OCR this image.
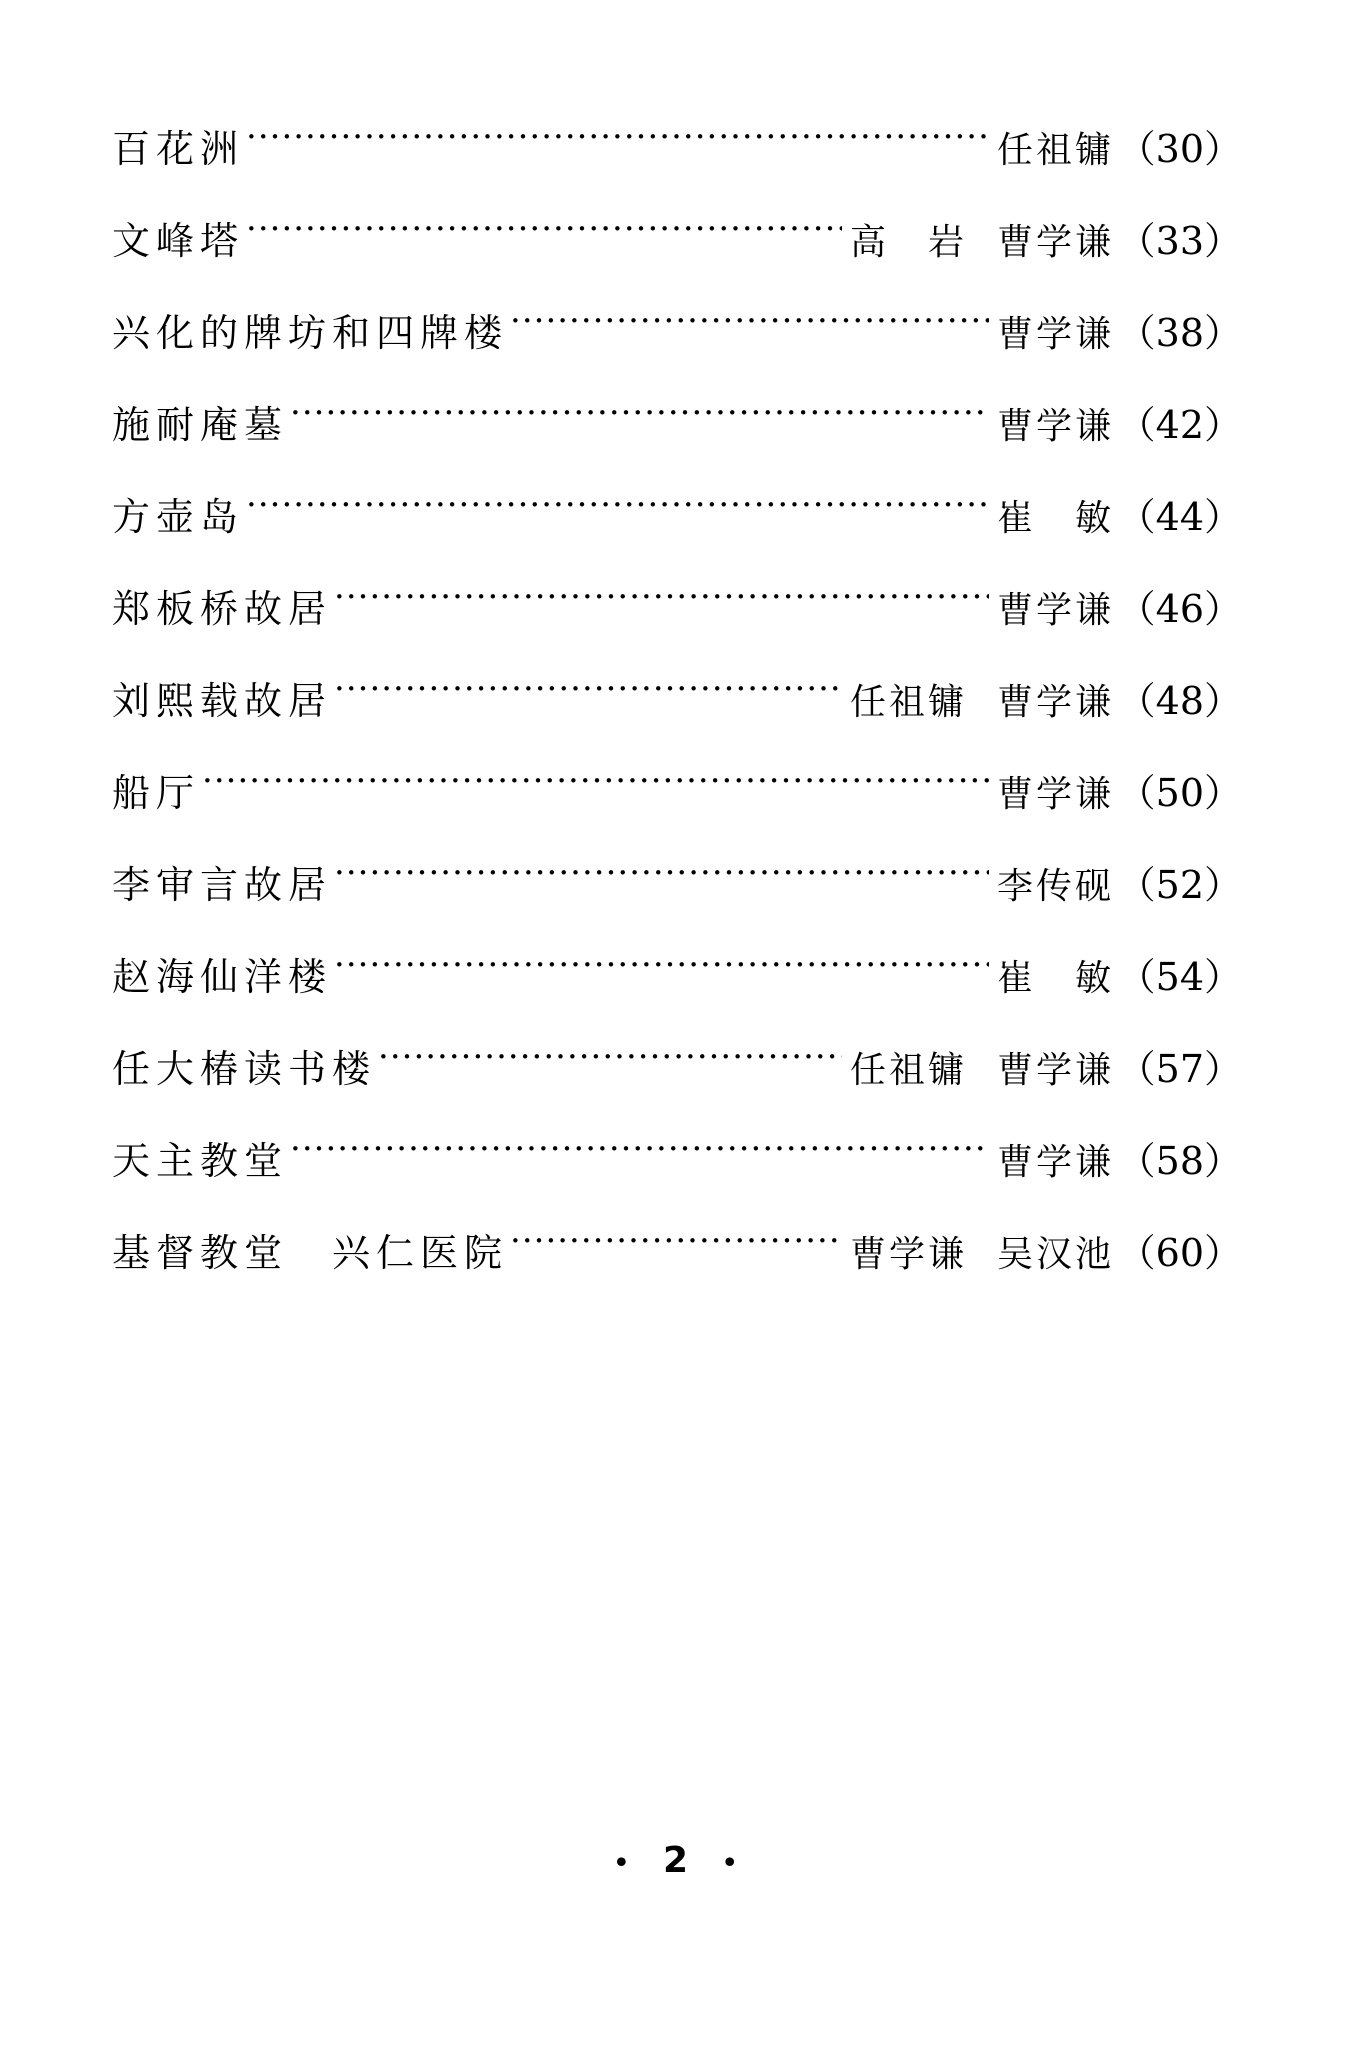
百花洲 ·····	任祖镛 （30）
文峰塔 ·····	高　岩 曹学谦 （33）
兴化的牌坊和四牌楼 ·····	曹学谦 （38）
施耐庵墓 ·····	曹学谦 （42）
方壶岛 ·····	崔　敏 （44）
郑板桥故居 ·····	曹学谦 （46）
刘熙载故居 ·····	任祖镛 曹学谦 （48）
船厅 ·····	曹学谦 （50）
李审言故居 ·····	李传砚 （52）
赵海仙洋楼 ·····	崔　敏 （54）
任大椿读书楼 ·····	任祖镛 曹学谦 （57）
天主教堂 ·····	曹学谦 （58）
基督教堂　兴仁医院 ·····	曹学谦 吴汉池 （60）
• 2 •
